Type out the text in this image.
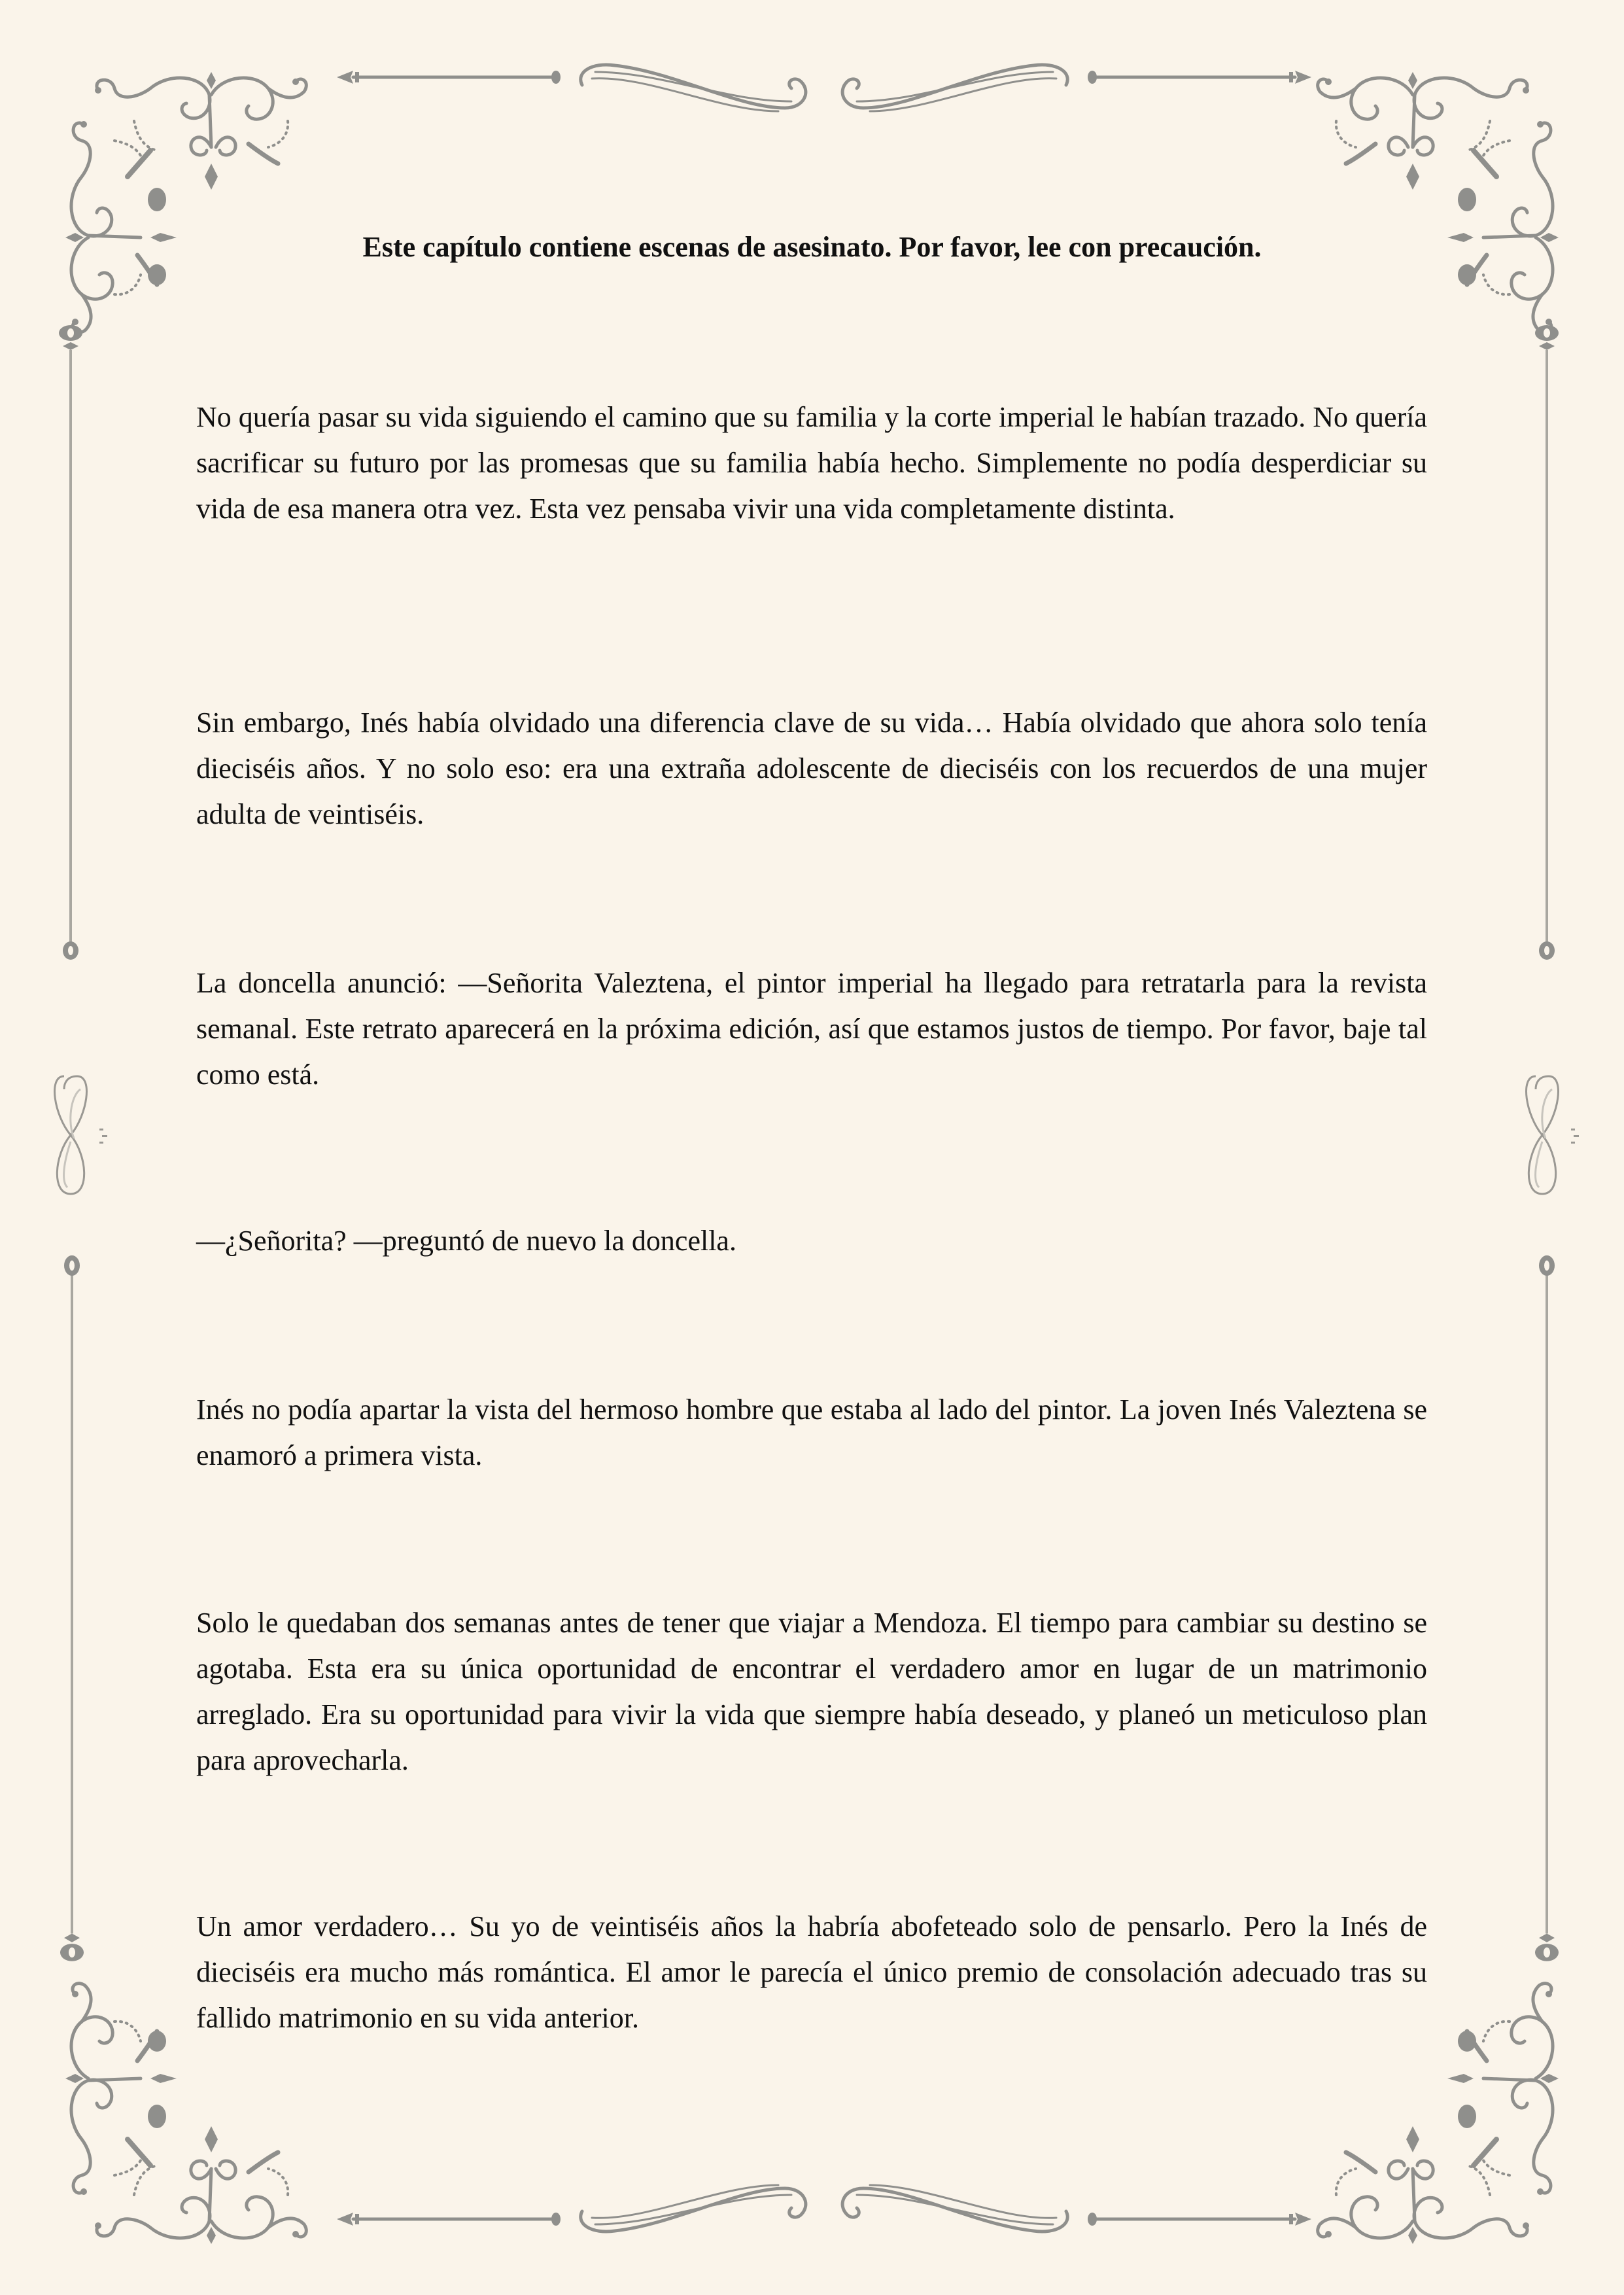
Este capítulo contiene escenas de asesinato. Por favor, lee con precaución.

No quería pasar su vida siguiendo el camino que su familia y la corte imperial le habían trazado. No quería sacrificar su futuro por las promesas que su familia había hecho. Simplemente no podía desperdiciar su vida de esa manera otra vez. Esta vez pensaba vivir una vida completamente distinta.

Sin embargo, Inés había olvidado una diferencia clave de su vida… Había olvidado que ahora solo tenía dieciséis años. Y no solo eso: era una extraña adolescente de dieciséis con los recuerdos de una mujer adulta de veintiséis.

La doncella anunció: —Señorita Valeztena, el pintor imperial ha llegado para retratarla para la revista semanal. Este retrato aparecerá en la próxima edición, así que estamos justos de tiempo. Por favor, baje tal como está.

—¿Señorita? —preguntó de nuevo la doncella.

Inés no podía apartar la vista del hermoso hombre que estaba al lado del pintor. La joven Inés Valeztena se enamoró a primera vista.

Solo le quedaban dos semanas antes de tener que viajar a Mendoza. El tiempo para cambiar su destino se agotaba. Esta era su única oportunidad de encontrar el verdadero amor en lugar de un matrimonio arreglado. Era su oportunidad para vivir la vida que siempre había deseado, y planeó un meticuloso plan para aprovecharla.

Un amor verdadero… Su yo de veintiséis años la habría abofeteado solo de pensarlo. Pero la Inés de dieciséis era mucho más romántica. El amor le parecía el único premio de consolación adecuado tras su fallido matrimonio en su vida anterior.
